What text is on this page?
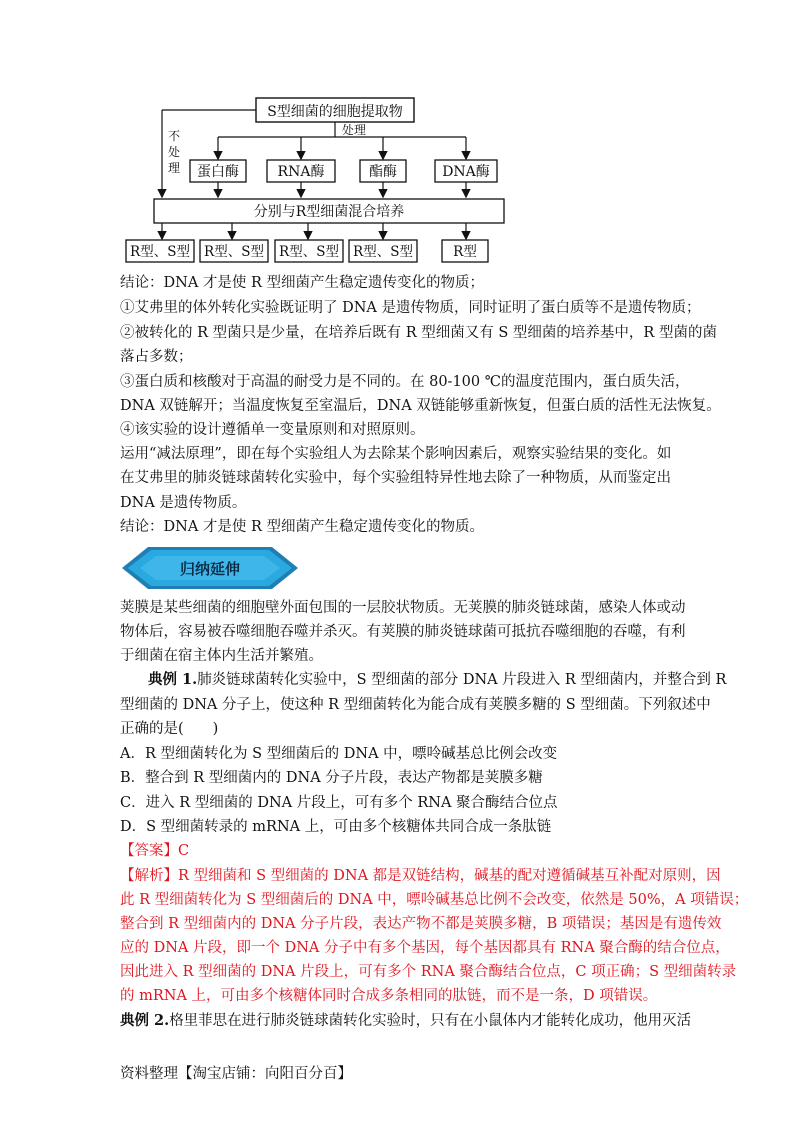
S型细菌的细胞提取物
不
处
理
处理
蛋白酶	RNA酶	酯酶	DNA酶
分别与R型细菌混合培养
R型、S型 R型、S型 R型、S型 R型、S型	R型
结论：DNA 才是使 R 型细菌产生稳定遗传变化的物质；
①艾弗里的体外转化实验既证明了 DNA 是遗传物质，同时证明了蛋白质等不是遗传物质；
②被转化的 R 型菌只是少量，在培养后既有 R 型细菌又有 S 型细菌的培养基中，R 型菌的菌
落占多数；
③蛋白质和核酸对于高温的耐受力是不同的。在 80-100 ℃的温度范围内，蛋白质失活，
DNA 双链解开；当温度恢复至室温后，DNA 双链能够重新恢复，但蛋白质的活性无法恢复。
④该实验的设计遵循单一变量原则和对照原则。
运用“减法原理”，即在每个实验组人为去除某个影响因素后，观察实验结果的变化。如
在艾弗里的肺炎链球菌转化实验中，每个实验组特异性地去除了一种物质，从而鉴定出
DNA 是遗传物质。
结论：DNA 才是使 R 型细菌产生稳定遗传变化的物质。
归纳延伸
荚膜是某些细菌的细胞壁外面包围的一层胶状物质。无荚膜的肺炎链球菌，感染人体或动
物体后，容易被吞噬细胞吞噬并杀灭。有荚膜的肺炎链球菌可抵抗吞噬细胞的吞噬，有利
于细菌在宿主体内生活并繁殖。
典例 1.肺炎链球菌转化实验中，S 型细菌的部分 DNA 片段进入 R 型细菌内，并整合到 R
型细菌的 DNA 分子上，使这种 R 型细菌转化为能合成有荚膜多糖的 S 型细菌。下列叙述中
正确的是(　　)
A．R 型细菌转化为 S 型细菌后的 DNA 中，嘌呤碱基总比例会改变
B．整合到 R 型细菌内的 DNA 分子片段，表达产物都是荚膜多糖
C．进入 R 型细菌的 DNA 片段上，可有多个 RNA 聚合酶结合位点
D．S 型细菌转录的 mRNA 上，可由多个核糖体共同合成一条肽链
【答案】C
【解析】R 型细菌和 S 型细菌的 DNA 都是双链结构，碱基的配对遵循碱基互补配对原则，因
此 R 型细菌转化为 S 型细菌后的 DNA 中，嘌呤碱基总比例不会改变，依然是 50%，A 项错误；
整合到 R 型细菌内的 DNA 分子片段，表达产物不都是荚膜多糖，B 项错误；基因是有遗传效
应的 DNA 片段，即一个 DNA 分子中有多个基因，每个基因都具有 RNA 聚合酶的结合位点，
因此进入 R 型细菌的 DNA 片段上，可有多个 RNA 聚合酶结合位点，C 项正确；S 型细菌转录
的 mRNA 上，可由多个核糖体同时合成多条相同的肽链，而不是一条，D 项错误。
典例 2.格里菲思在进行肺炎链球菌转化实验时，只有在小鼠体内才能转化成功，他用灭活
资料整理【淘宝店铺：向阳百分百】
